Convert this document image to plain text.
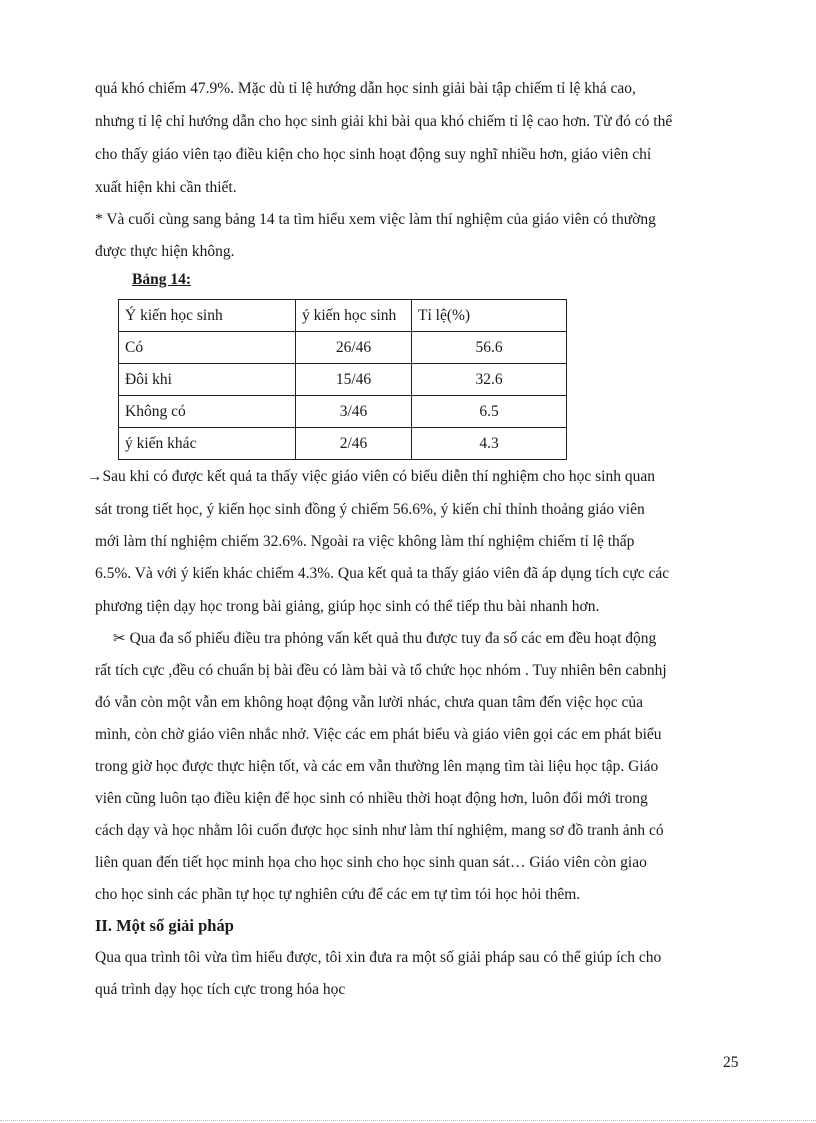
quá khó chiếm 47.9%. Mặc dù tỉ lệ hướng dẫn học sinh giải bài tập chiếm tỉ lệ khá cao,
nhưng tỉ lệ chỉ hướng dẫn cho học sinh giải khi bài qua khó chiếm tỉ lệ cao hơn. Từ đó có thể
cho thấy giáo viên tạo điều kiện cho học sinh hoạt động suy nghĩ nhiều hơn, giáo viên chỉ
xuất hiện khi cần thiết.
* Và cuối cùng sang bảng 14 ta tìm hiểu xem việc làm thí nghiệm của giáo viên có thường
được thực hiện không.
Bảng 14:
Ý kiến học sinh	ý kiến học sinh	Tỉ lệ(%)
Có	26/46	56.6
Đôi khi	15/46	32.6
Không có	3/46	6.5
ý kiến khác	2/46	4.3
→Sau khi có được kết quả ta thấy việc giáo viên có biểu diễn thí nghiệm cho học sinh quan
sát trong tiết học, ý kiến học sinh đồng ý chiếm 56.6%, ý kiến chỉ thỉnh thoảng giáo viên
mới làm thí nghiệm chiếm 32.6%. Ngoài ra việc không làm thí nghiệm chiếm tỉ lệ thấp
6.5%. Và với ý kiến khác chiếm 4.3%. Qua kết quả ta thấy giáo viên đã áp dụng tích cực các
phương tiện dạy học trong bài giảng, giúp học sinh có thể tiếp thu bài nhanh hơn.
✂ Qua đa số phiếu điều tra phỏng vấn kết quả thu được tuy đa số các em đều hoạt động
rất tích cực ,đều có chuẩn bị bài đều có làm bài và tổ chức học nhóm . Tuy nhiên bên cabnhj
đó vẫn còn một vẫn em không hoạt động vẫn lười nhác, chưa quan tâm đến việc học của
mình, còn chờ giáo viên nhắc nhở. Việc các em phát biểu và giáo viên gọi các em phát biểu
trong giờ học được thực hiện tốt, và các em vẫn thường lên mạng tìm tài liệu học tập. Giáo
viên cũng luôn tạo điều kiện để học sinh có nhiều thời hoạt động hơn, luôn đổi mới trong
cách dạy và học nhằm lôi cuốn được học sinh như làm thí nghiệm, mang sơ đồ tranh ảnh có
liên quan đến tiết học minh họa cho học sinh cho học sinh quan sát… Giáo viên còn giao
cho học sinh các phần tự học tự nghiên cứu để các em tự tìm tói học hỏi thêm.
II. Một số giải pháp
Qua qua trình tôi vừa tìm hiểu được, tôi xin đưa ra một số giải pháp sau có thể giúp ích cho
quá trình dạy học tích cực trong hóa học
25
